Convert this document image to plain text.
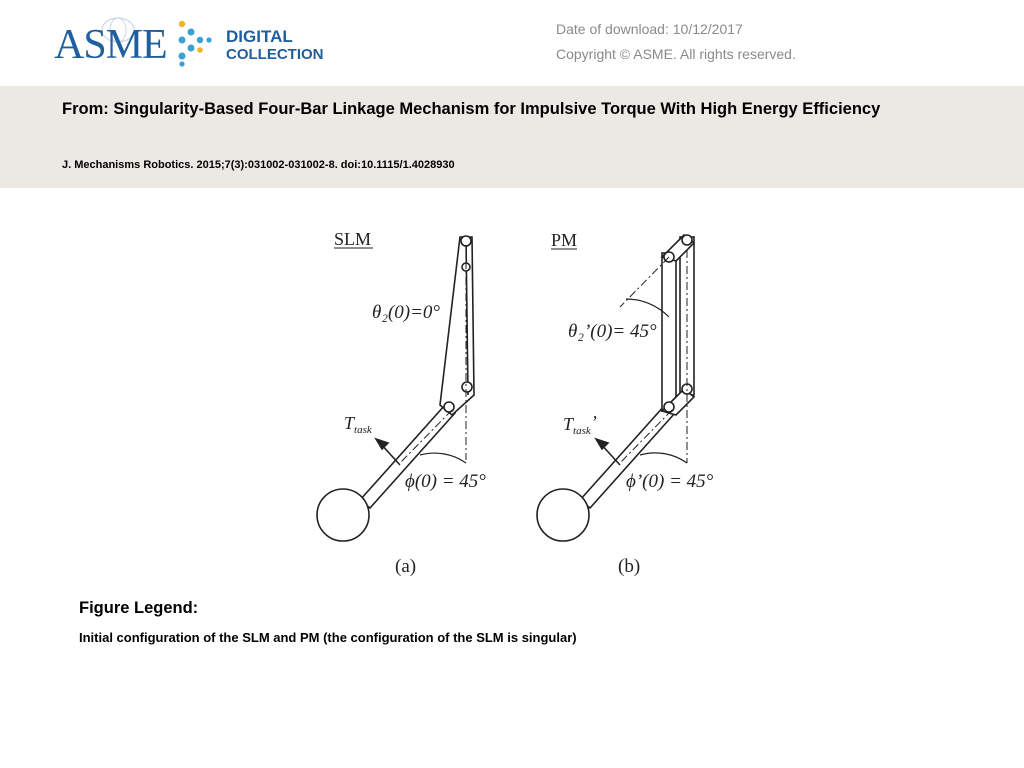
ASME	DIGITAL
COLLECTION
Date of download: 10/12/2017
Copyright © ASME. All rights reserved.
From: Singularity-Based Four-Bar Linkage Mechanism for Impulsive Torque With High Energy Efficiency
J. Mechanisms Robotics. 2015;7(3):031002-031002-8. doi:10.1115/1.4028930
SLM
θ₂(0)=0°
$T_{task}$
ϕ(0) = 45°
(a)
PM
θ₂’(0)= 45°
$T_{task}$’
ϕ’(0) = 45°
(b)
Figure Legend:
Initial configuration of the SLM and PM (the configuration of the SLM is singular)
